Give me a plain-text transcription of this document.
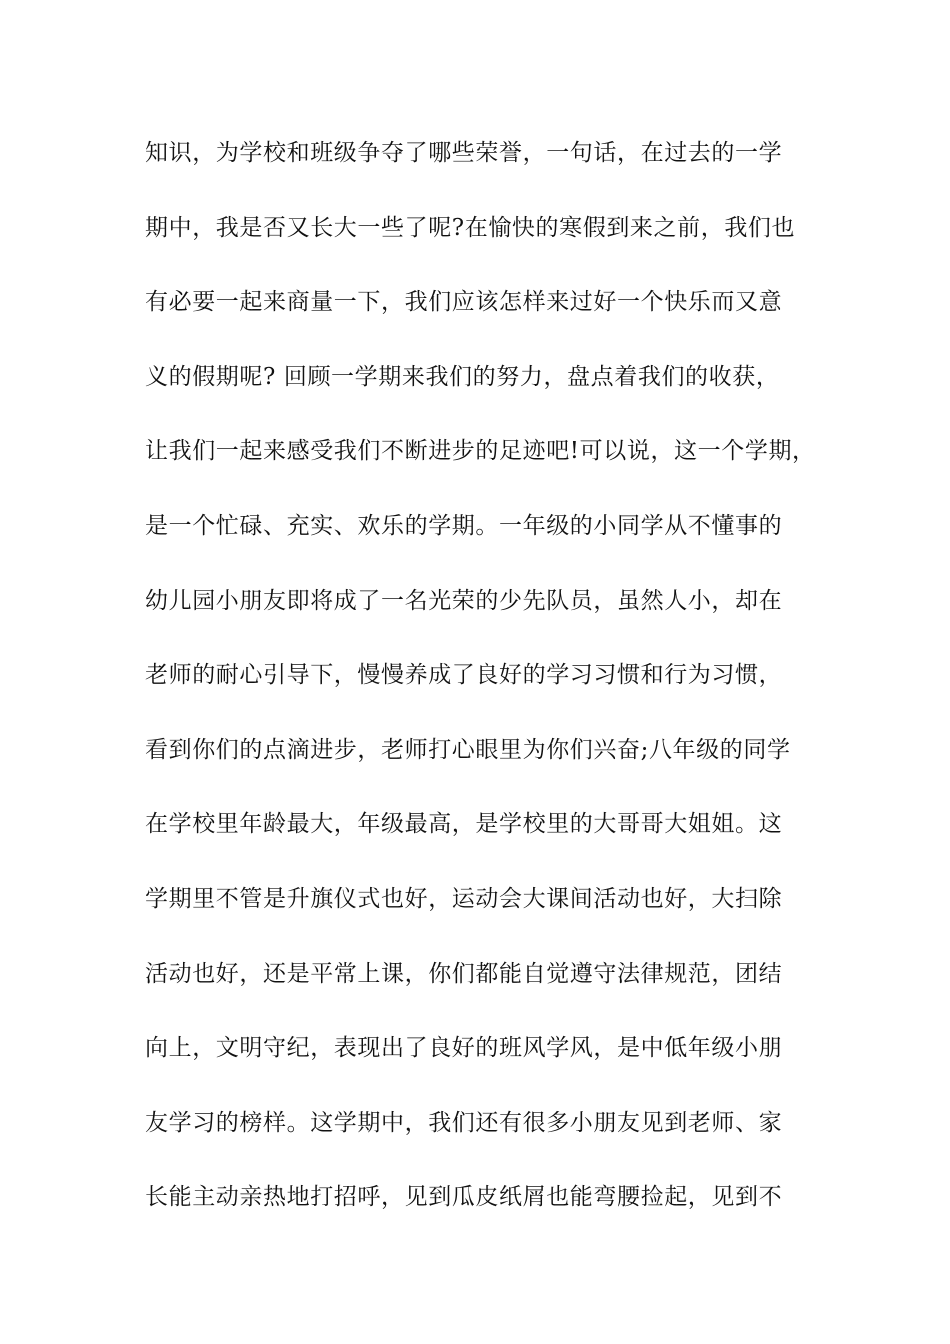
知识，为学校和班级争夺了哪些荣誉，一句话，在过去的一学
期中，我是否又长大一些了呢?在愉快的寒假到来之前，我们也
有必要一起来商量一下，我们应该怎样来过好一个快乐而又意
义的假期呢? 回顾一学期来我们的努力，盘点着我们的收获，
让我们一起来感受我们不断进步的足迹吧!可以说，这一个学期，
是一个忙碌、充实、欢乐的学期。一年级的小同学从不懂事的
幼儿园小朋友即将成了一名光荣的少先队员，虽然人小，却在
老师的耐心引导下，慢慢养成了良好的学习习惯和行为习惯，
看到你们的点滴进步，老师打心眼里为你们兴奋;八年级的同学
在学校里年龄最大，年级最高，是学校里的大哥哥大姐姐。这
学期里不管是升旗仪式也好，运动会大课间活动也好，大扫除
活动也好，还是平常上课，你们都能自觉遵守法律规范，团结
向上，文明守纪，表现出了良好的班风学风，是中低年级小朋
友学习的榜样。这学期中，我们还有很多小朋友见到老师、家
长能主动亲热地打招呼，见到瓜皮纸屑也能弯腰捡起，见到不
